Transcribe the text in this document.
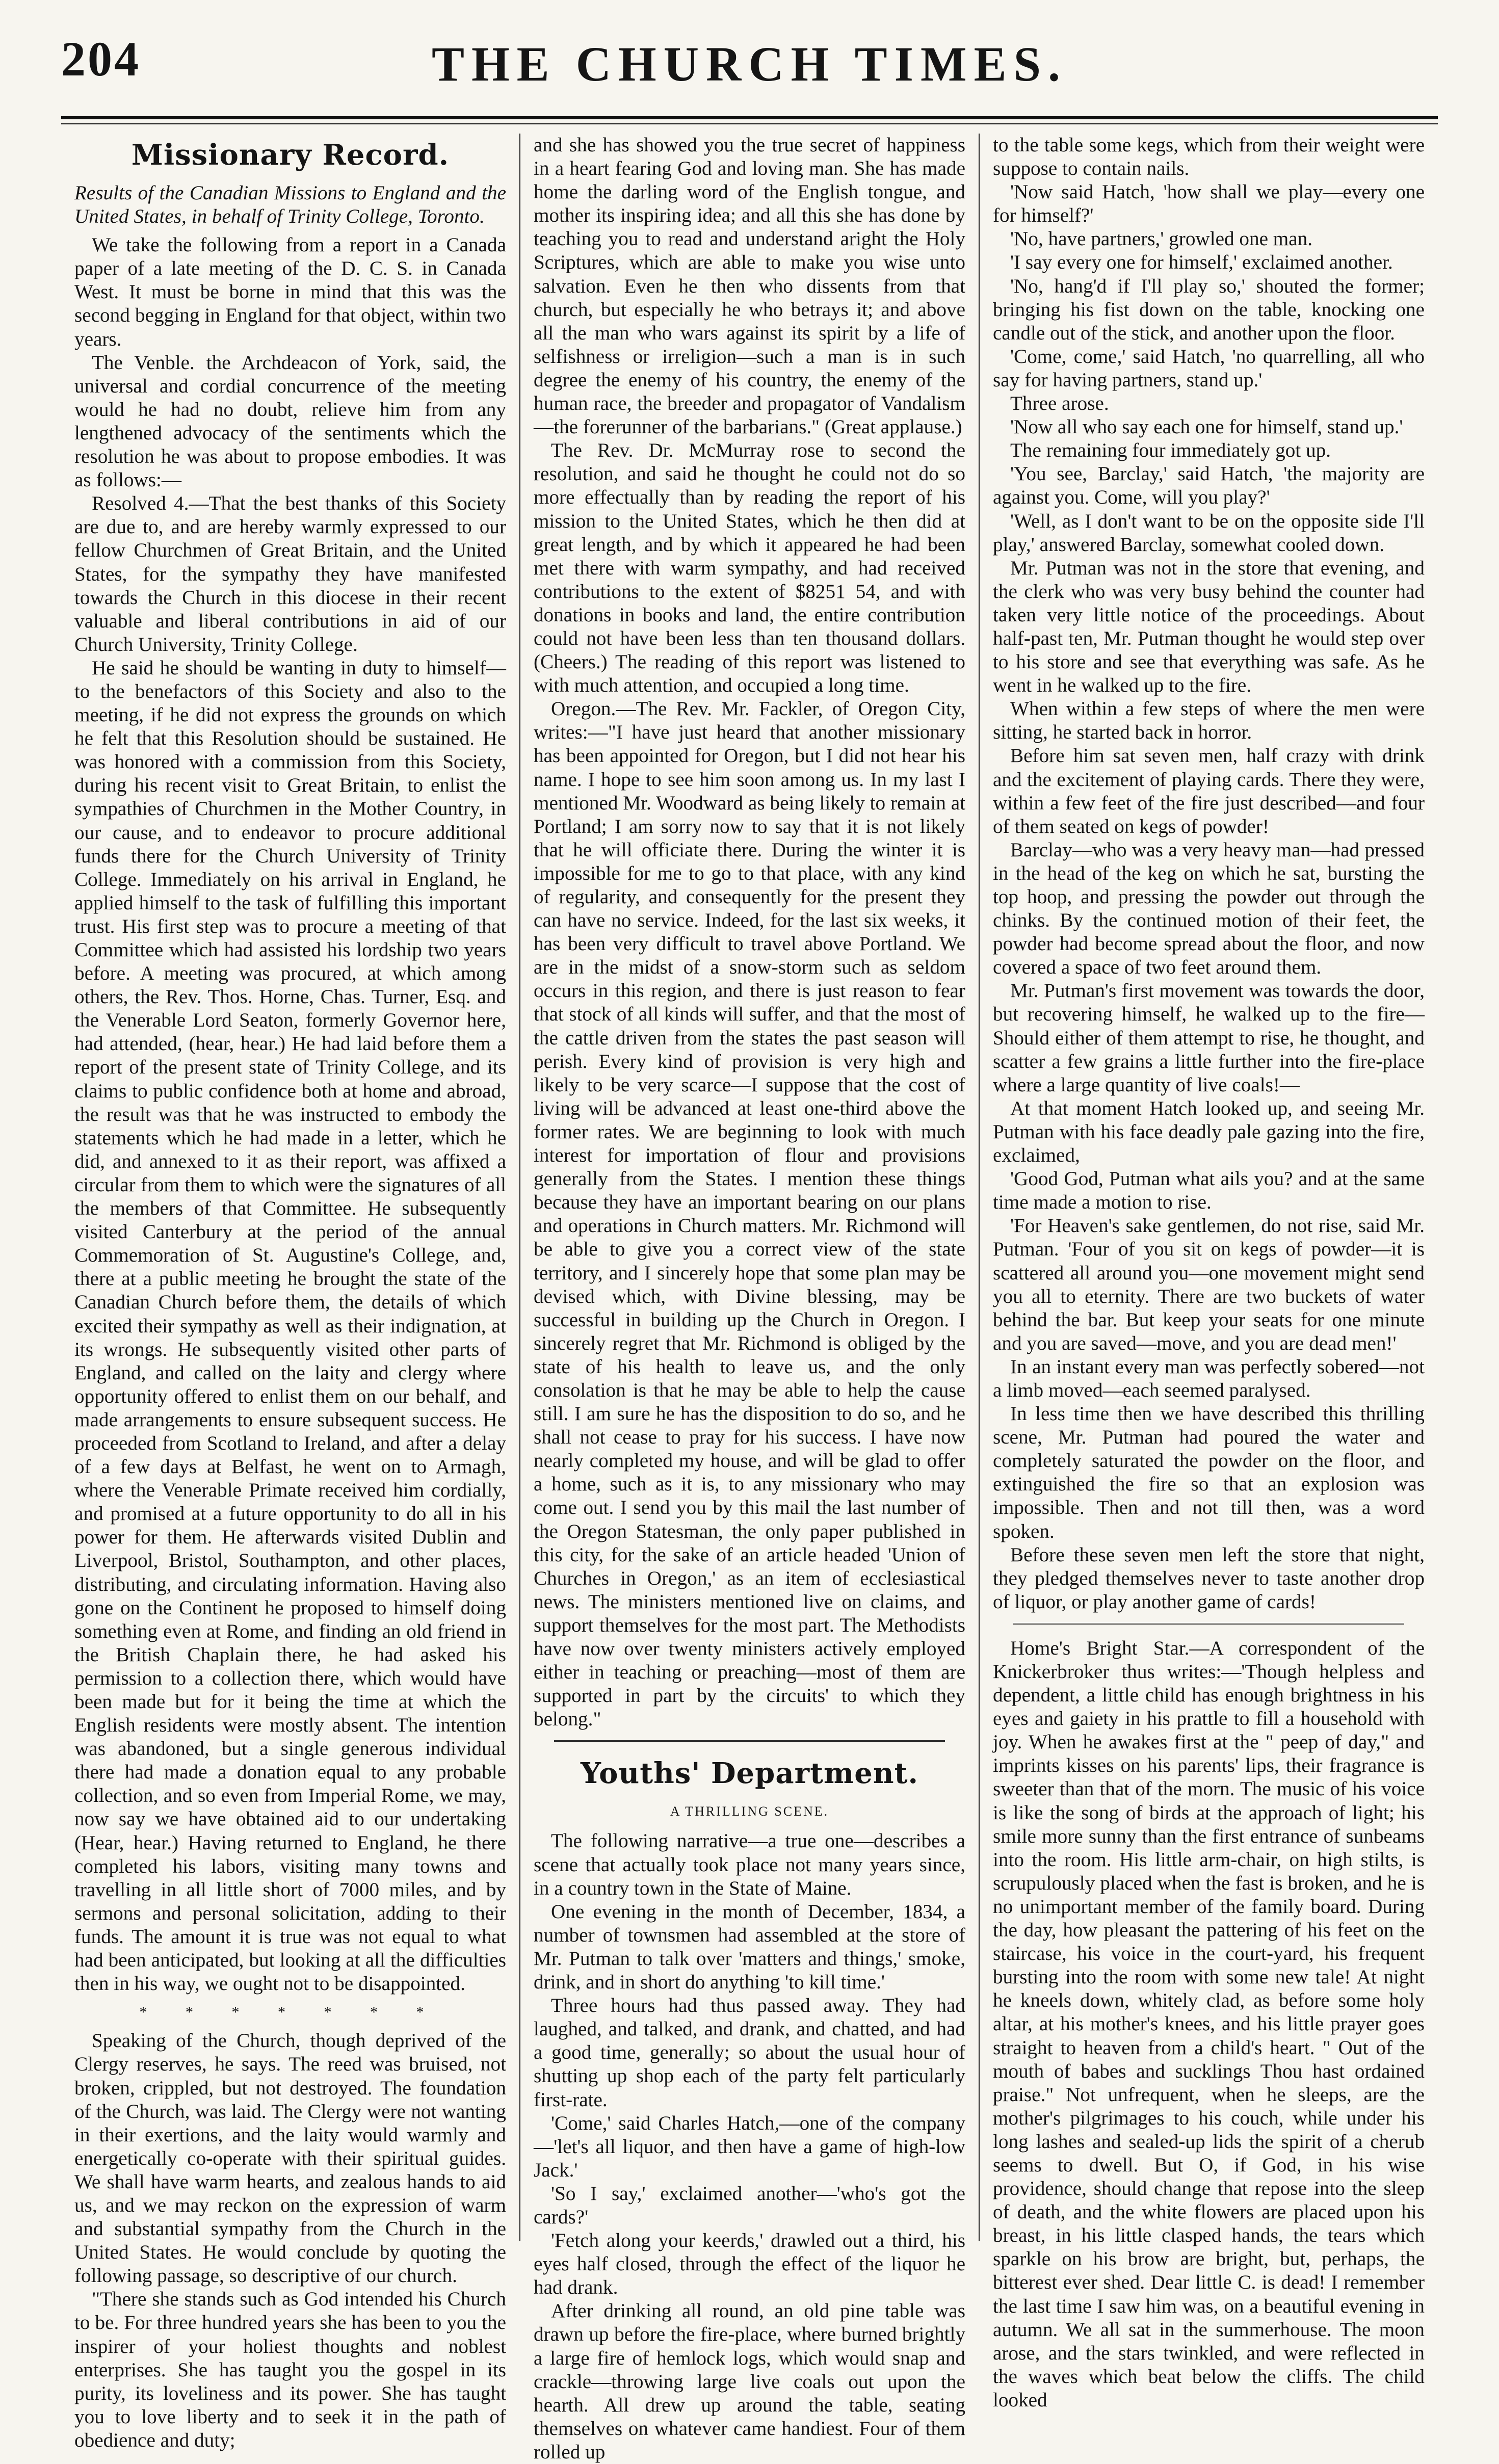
204	THE CHURCH TIMES.
Missionary Record.

Results of the Canadian Missions to England and the United States, in behalf of Trinity College, Toronto.

We take the following from a report in a Canada paper of a late meeting of the D. C. S. in Canada West. It must be borne in mind that this was the second begging in England for that object, within two years.

The Venble. the Archdeacon of York, said, the universal and cordial concurrence of the meeting would he had no doubt, relieve him from any lengthened advocacy of the sentiments which the resolution he was about to propose embodies. It was as follows:—

Resolved 4.—That the best thanks of this Society are due to, and are hereby warmly expressed to our fellow Churchmen of Great Britain, and the United States, for the sympathy they have manifested towards the Church in this diocese in their recent valuable and liberal contributions in aid of our Church University, Trinity College.

He said he should be wanting in duty to himself—to the benefactors of this Society and also to the meeting, if he did not express the grounds on which he felt that this Resolution should be sustained. He was honored with a commission from this Society, during his recent visit to Great Britain, to enlist the sympathies of Churchmen in the Mother Country, in our cause, and to endeavor to procure additional funds there for the Church University of Trinity College. Immediately on his arrival in England, he applied himself to the task of fulfilling this important trust. His first step was to procure a meeting of that Committee which had assisted his lordship two years before. A meeting was procured, at which among others, the Rev. Thos. Horne, Chas. Turner, Esq. and the Venerable Lord Seaton, formerly Governor here, had attended, (hear, hear.) He had laid before them a report of the present state of Trinity College, and its claims to public confidence both at home and abroad, the result was that he was instructed to embody the statements which he had made in a letter, which he did, and annexed to it as their report, was affixed a circular from them to which were the signatures of all the members of that Committee. He subsequently visited Canterbury at the period of the annual Commemoration of St. Augustine's College, and, there at a public meeting he brought the state of the Canadian Church before them, the details of which excited their sympathy as well as their indignation, at its wrongs. He subsequently visited other parts of England, and called on the laity and clergy where opportunity offered to enlist them on our behalf, and made arrangements to ensure subsequent success. He proceeded from Scotland to Ireland, and after a delay of a few days at Belfast, he went on to Armagh, where the Venerable Primate received him cordially, and promised at a future opportunity to do all in his power for them. He afterwards visited Dublin and Liverpool, Bristol, Southampton, and other places, distributing, and circulating information. Having also gone on the Continent he proposed to himself doing something even at Rome, and finding an old friend in the British Chaplain there, he had asked his permission to a collection there, which would have been made but for it being the time at which the English residents were mostly absent. The intention was abandoned, but a single generous individual there had made a donation equal to any probable collection, and so even from Imperial Rome, we may, now say we have obtained aid to our undertaking (Hear, hear.) Having returned to England, he there completed his labors, visiting many towns and travelling in all little short of 7000 miles, and by sermons and personal solicitation, adding to their funds. The amount it is true was not equal to what had been anticipated, but looking at all the difficulties then in his way, we ought not to be disappointed.

* * * * * * *

Speaking of the Church, though deprived of the Clergy reserves, he says. The reed was bruised, not broken, crippled, but not destroyed. The foundation of the Church, was laid. The Clergy were not wanting in their exertions, and the laity would warmly and energetically co-operate with their spiritual guides. We shall have warm hearts, and zealous hands to aid us, and we may reckon on the expression of warm and substantial sympathy from the Church in the United States. He would conclude by quoting the following passage, so descriptive of our church.

"There she stands such as God intended his Church to be. For three hundred years she has been to you the inspirer of your holiest thoughts and noblest enterprises. She has taught you the gospel in its purity, its loveliness and its power. She has taught you to love liberty and to seek it in the path of obedience and duty;

and she has showed you the true secret of happiness in a heart fearing God and loving man. She has made home the darling word of the English tongue, and mother its inspiring idea; and all this she has done by teaching you to read and understand aright the Holy Scriptures, which are able to make you wise unto salvation. Even he then who dissents from that church, but especially he who betrays it; and above all the man who wars against its spirit by a life of selfishness or irreligion—such a man is in such degree the enemy of his country, the enemy of the human race, the breeder and propagator of Vandalism—the forerunner of the barbarians." (Great applause.)

The Rev. Dr. McMurray rose to second the resolution, and said he thought he could not do so more effectually than by reading the report of his mission to the United States, which he then did at great length, and by which it appeared he had been met there with warm sympathy, and had received contributions to the extent of $8251 54, and with donations in books and land, the entire contribution could not have been less than ten thousand dollars. (Cheers.) The reading of this report was listened to with much attention, and occupied a long time.

Oregon.—The Rev. Mr. Fackler, of Oregon City, writes:—"I have just heard that another missionary has been appointed for Oregon, but I did not hear his name. I hope to see him soon among us. In my last I mentioned Mr. Woodward as being likely to remain at Portland; I am sorry now to say that it is not likely that he will officiate there. During the winter it is impossible for me to go to that place, with any kind of regularity, and consequently for the present they can have no service. Indeed, for the last six weeks, it has been very difficult to travel above Portland. We are in the midst of a snow-storm such as seldom occurs in this region, and there is just reason to fear that stock of all kinds will suffer, and that the most of the cattle driven from the states the past season will perish. Every kind of provision is very high and likely to be very scarce—I suppose that the cost of living will be advanced at least one-third above the former rates. We are beginning to look with much interest for importation of flour and provisions generally from the States. I mention these things because they have an important bearing on our plans and operations in Church matters. Mr. Richmond will be able to give you a correct view of the state territory, and I sincerely hope that some plan may be devised which, with Divine blessing, may be successful in building up the Church in Oregon. I sincerely regret that Mr. Richmond is obliged by the state of his health to leave us, and the only consolation is that he may be able to help the cause still. I am sure he has the disposition to do so, and he shall not cease to pray for his success. I have now nearly completed my house, and will be glad to offer a home, such as it is, to any missionary who may come out. I send you by this mail the last number of the Oregon Statesman, the only paper published in this city, for the sake of an article headed 'Union of Churches in Oregon,' as an item of ecclesiastical news. The ministers mentioned live on claims, and support themselves for the most part. The Methodists have now over twenty ministers actively employed either in teaching or preaching—most of them are supported in part by the circuits' to which they belong."

Youths' Department.
A THRILLING SCENE.

The following narrative—a true one—describes a scene that actually took place not many years since, in a country town in the State of Maine.

One evening in the month of December, 1834, a number of townsmen had assembled at the store of Mr. Putman to talk over 'matters and things,' smoke, drink, and in short do anything 'to kill time.'

Three hours had thus passed away. They had laughed, and talked, and drank, and chatted, and had a good time, generally; so about the usual hour of shutting up shop each of the party felt particularly first-rate.

'Come,' said Charles Hatch,—one of the company—'let's all liquor, and then have a game of high-low Jack.'

'So I say,' exclaimed another—'who's got the cards?'

'Fetch along your keerds,' drawled out a third, his eyes half closed, through the effect of the liquor he had drank.

After drinking all round, an old pine table was drawn up before the fire-place, where burned brightly a large fire of hemlock logs, which would snap and crackle—throwing large live coals out upon the hearth. All drew up around the table, seating themselves on whatever came handiest. Four of them rolled up

to the table some kegs, which from their weight were suppose to contain nails.

'Now said Hatch, 'how shall we play—every one for himself?'

'No, have partners,' growled one man.

'I say every one for himself,' exclaimed another.

'No, hang'd if I'll play so,' shouted the former; bringing his fist down on the table, knocking one candle out of the stick, and another upon the floor.

'Come, come,' said Hatch, 'no quarrelling, all who say for having partners, stand up.'

Three arose.

'Now all who say each one for himself, stand up.'

The remaining four immediately got up.

'You see, Barclay,' said Hatch, 'the majority are against you. Come, will you play?'

'Well, as I don't want to be on the opposite side I'll play,' answered Barclay, somewhat cooled down.

Mr. Putman was not in the store that evening, and the clerk who was very busy behind the counter had taken very little notice of the proceedings. About half-past ten, Mr. Putman thought he would step over to his store and see that everything was safe. As he went in he walked up to the fire.

When within a few steps of where the men were sitting, he started back in horror.

Before him sat seven men, half crazy with drink and the excitement of playing cards. There they were, within a few feet of the fire just described—and four of them seated on kegs of powder!

Barclay—who was a very heavy man—had pressed in the head of the keg on which he sat, bursting the top hoop, and pressing the powder out through the chinks. By the continued motion of their feet, the powder had become spread about the floor, and now covered a space of two feet around them.

Mr. Putman's first movement was towards the door, but recovering himself, he walked up to the fire—Should either of them attempt to rise, he thought, and scatter a few grains a little further into the fire-place where a large quantity of live coals!—

At that moment Hatch looked up, and seeing Mr. Putman with his face deadly pale gazing into the fire, exclaimed,

'Good God, Putman what ails you? and at the same time made a motion to rise.

'For Heaven's sake gentlemen, do not rise, said Mr. Putman. 'Four of you sit on kegs of powder—it is scattered all around you—one movement might send you all to eternity. There are two buckets of water behind the bar. But keep your seats for one minute and you are saved—move, and you are dead men!'

In an instant every man was perfectly sobered—not a limb moved—each seemed paralysed.

In less time then we have described this thrilling scene, Mr. Putman had poured the water and completely saturated the powder on the floor, and extinguished the fire so that an explosion was impossible. Then and not till then, was a word spoken.

Before these seven men left the store that night, they pledged themselves never to taste another drop of liquor, or play another game of cards!

Home's Bright Star.—A correspondent of the Knickerbroker thus writes:—'Though helpless and dependent, a little child has enough brightness in his eyes and gaiety in his prattle to fill a household with joy. When he awakes first at the " peep of day," and imprints kisses on his parents' lips, their fragrance is sweeter than that of the morn. The music of his voice is like the song of birds at the approach of light; his smile more sunny than the first entrance of sunbeams into the room. His little arm-chair, on high stilts, is scrupulously placed when the fast is broken, and he is no unimportant member of the family board. During the day, how pleasant the pattering of his feet on the staircase, his voice in the court-yard, his frequent bursting into the room with some new tale! At night he kneels down, whitely clad, as before some holy altar, at his mother's knees, and his little prayer goes straight to heaven from a child's heart. " Out of the mouth of babes and sucklings Thou hast ordained praise." Not unfrequent, when he sleeps, are the mother's pilgrimages to his couch, while under his long lashes and sealed-up lids the spirit of a cherub seems to dwell. But O, if God, in his wise providence, should change that repose into the sleep of death, and the white flowers are placed upon his breast, in his little clasped hands, the tears which sparkle on his brow are bright, but, perhaps, the bitterest ever shed. Dear little C. is dead! I remember the last time I saw him was, on a beautiful evening in autumn. We all sat in the summerhouse. The moon arose, and the stars twinkled, and were reflected in the waves which beat below the cliffs. The child looked
